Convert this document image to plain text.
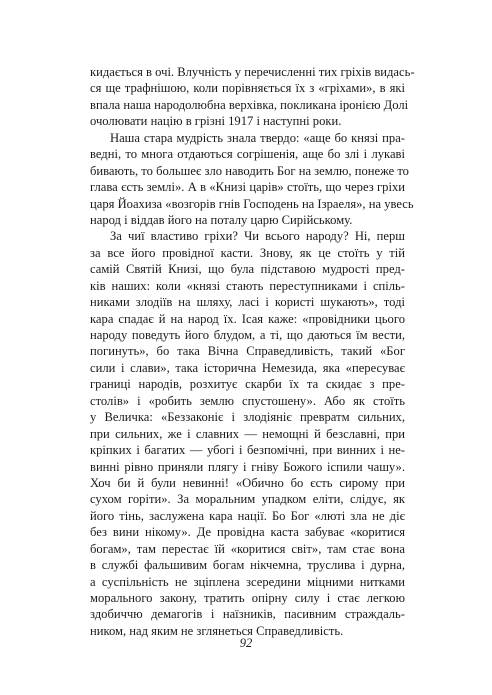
кидається в очі. Влучність у перечисленні тих гріхів видась-
ся ще трафнішою, коли порівняється їх з «гріхами», в які
впала наша народолюбна верхівка, покликана іронією Долі
очолювати націю в грізні 1917 і наступні роки.
Наша стара мудрість знала твердо: «аще бо князі пра-
ведні, то многа отдаються согрішенія, аще бо злі і лукаві
бивають, то большеє зло наводить Бог на землю, понеже то
глава єсть землі». А в «Книзі царів» стоїть, що через гріхи
царя Йоахиза «возгорів гнів Господень на Ізраеля», на увесь
народ і віддав його на поталу царю Сирійському.
За чиї властиво гріхи? Чи всього народу? Ні, перш
за все його провідної касти. Знову, як це стоїть у тій
самій Святій Книзі, що була підставою мудрості пред-
ків наших: коли «князі стають переступниками і спіль-
никами злодіїв на шляху, ласі і користі шукають», тоді
кара спадає й на народ їх. Ісая каже: «провідники цього
народу поведуть його блудом, а ті, що даються їм вести,
погинуть», бо така Вічна Справедливість, такий «Бог
сили і слави», така історична Немезида, яка «пересуває
границі народів, розхитує скарби їх та скидає з пре-
столів» і «робить землю спустошену». Або як стоїть
у Величка: «Беззаконіє і злодіяніє превратм сильних,
при сильних, же і славних — немощні й безславні, при
кріпких і багатих — убогі і безпомічні, при винних і не-
винні рівно приняли плягу і гніву Божого іспили чашу».
Хоч би й були невинні! «Обично бо єсть сирому при
сухом горіти». За моральним упадком еліти, слідує, як
його тінь, заслужена кара нації. Бо Бог «люті зла не діє
без вини нікому». Де провідна каста забуває «коритися
богам», там перестає їй «коритися світ», там стає вона
в службі фальшивим богам нікчемна, труслива і дурна,
а суспільність не зціплена зсередини міцними нитками
морального закону, тратить опірну силу і стає легкою
здобиччю демагогів і наїзників, пасивним страждаль-
ником, над яким не зглянеться Справедливість.
92
